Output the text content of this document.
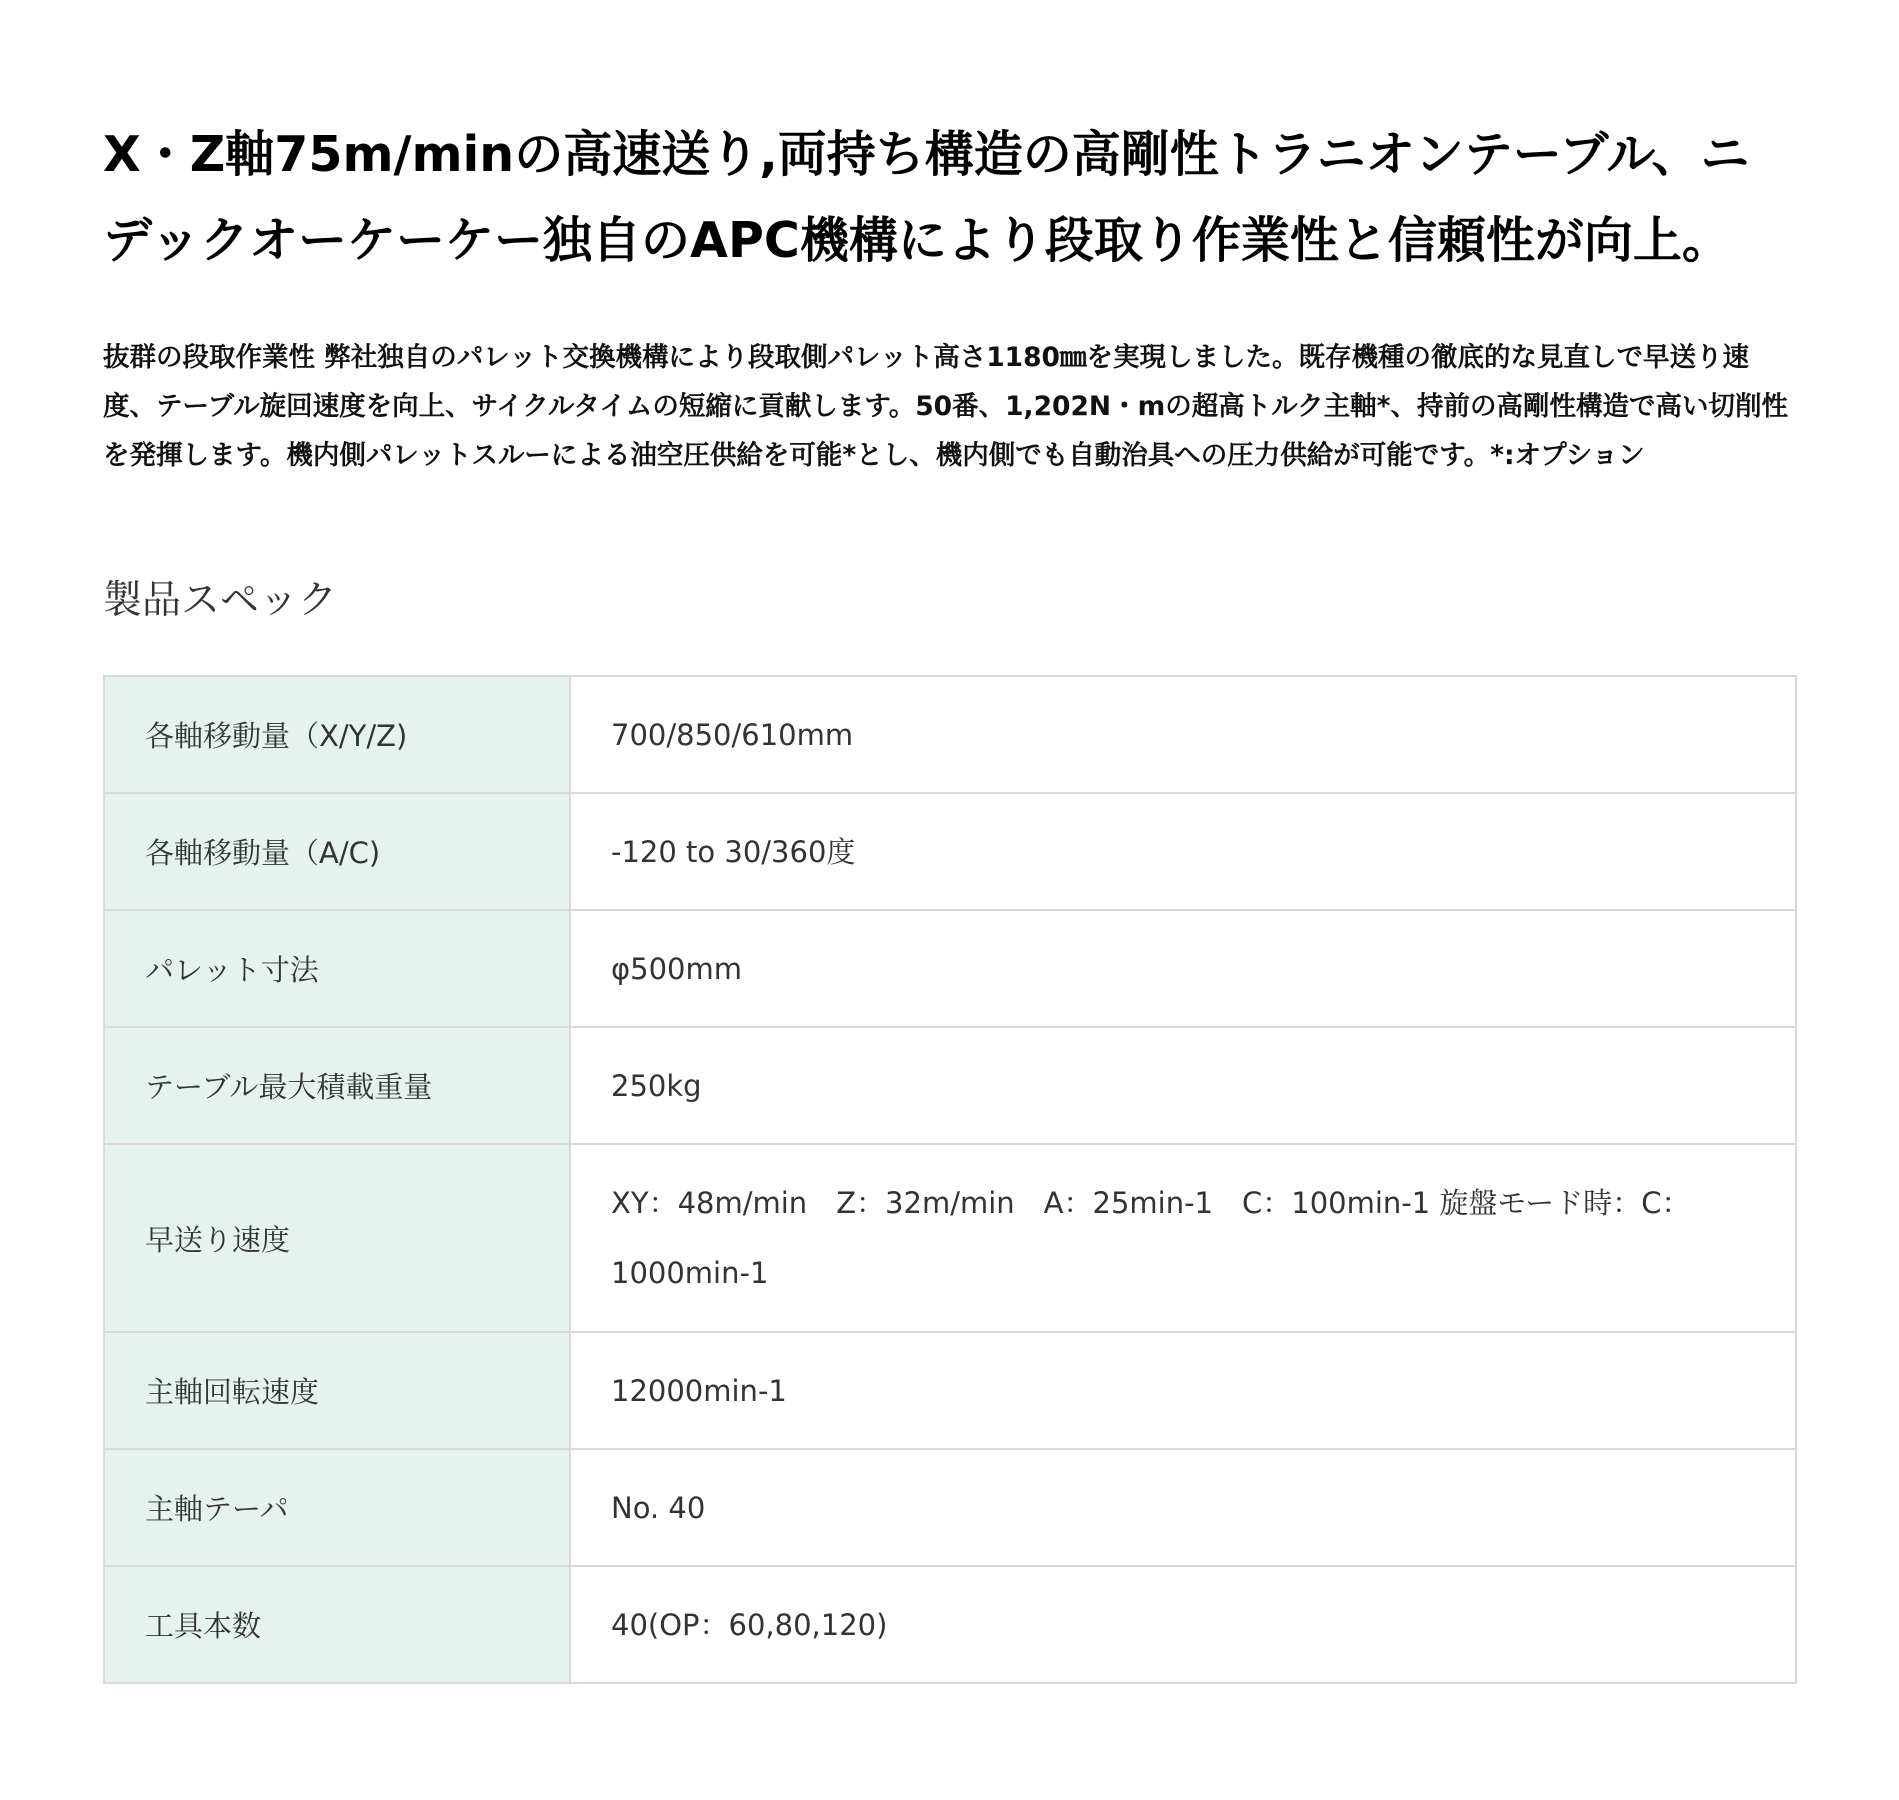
X・Z軸75m/minの高速送り,両持ち構造の高剛性トラニオンテーブル、ニデックオーケーケー独自のAPC機構により段取り作業性と信頼性が向上。

抜群の段取作業性 弊社独自のパレット交換機構により段取側パレット高さ1180㎜を実現しました。既存機種の徹底的な見直しで早送り速度、テーブル旋回速度を向上、サイクルタイムの短縮に貢献します。50番、1,202N・mの超高トルク主軸*、持前の高剛性構造で高い切削性を発揮します。機内側パレットスルーによる油空圧供給を可能*とし、機内側でも自動治具への圧力供給が可能です。*:オプション

製品スペック
各軸移動量（X/Y/Z)	700/850/610mm
各軸移動量（A/C)	-120 to 30/360度
パレット寸法	φ500mm
テーブル最大積載重量	250kg
早送り速度	XY：48m/min　Z：32m/min　A：25min-1　C：100min-1 旋盤モード時：C：1000min-1
主軸回転速度	12000min-1
主軸テーパ	No. 40
工具本数	40(OP：60,80,120)
